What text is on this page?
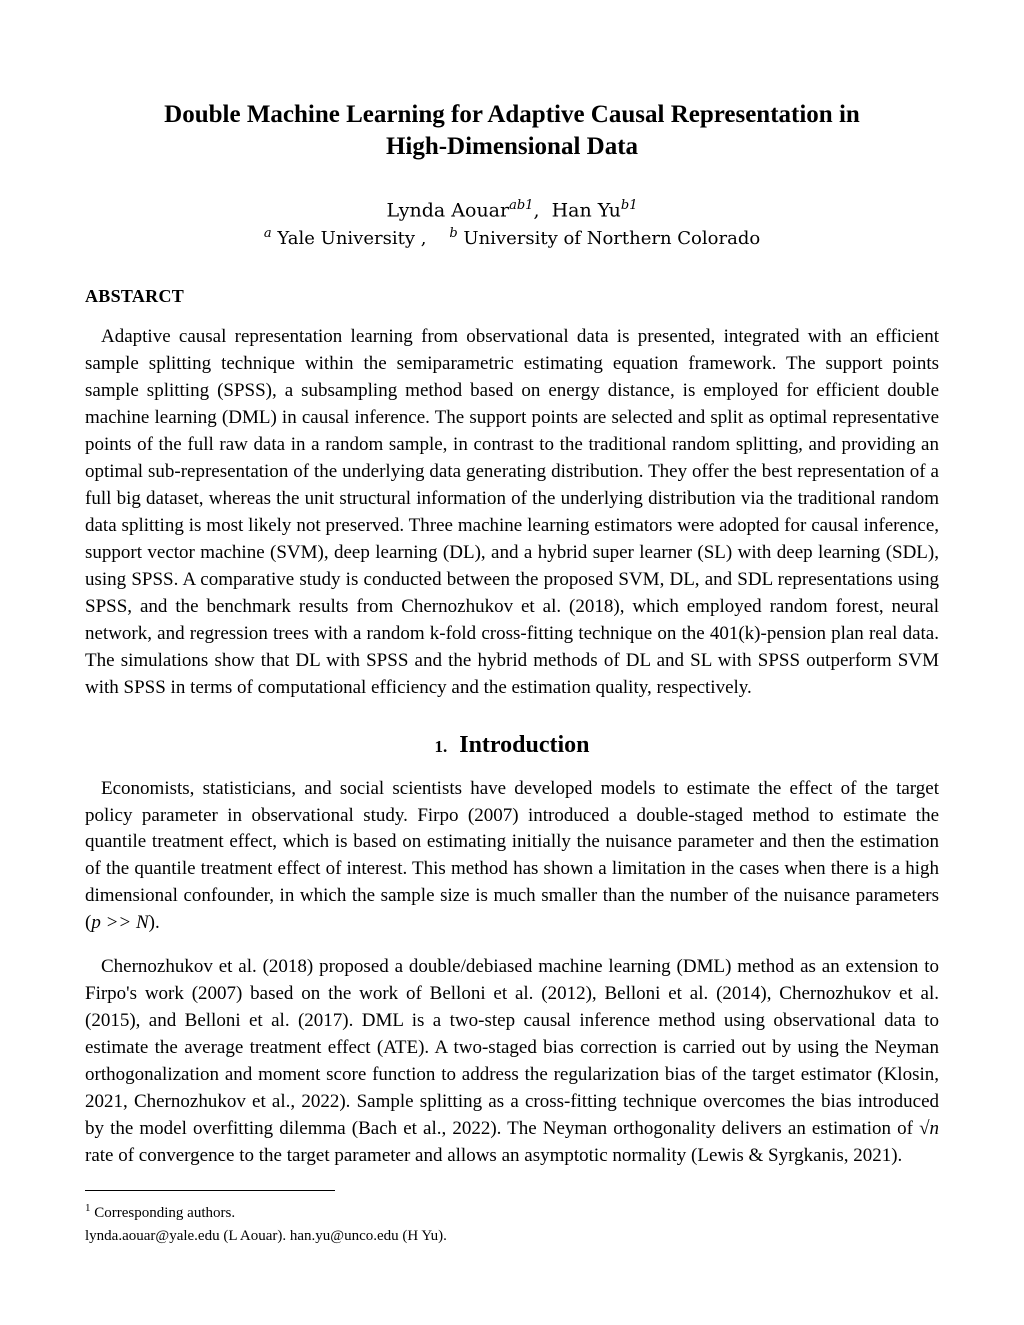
Double Machine Learning for Adaptive Causal Representation in High-Dimensional Data
Lynda Aouar$^{ab1}$, Han $Yu^{b1}$
$^a$ Yale University , $^b$ University of Northern Colorado
ABSTARCT

Adaptive causal representation learning from observational data is presented, integrated with an efficient sample splitting technique within the semiparametric estimating equation framework. The support points sample splitting (SPSS), a subsampling method based on energy distance, is employed for efficient double machine learning (DML) in causal inference. The support points are selected and split as optimal representative points of the full raw data in a random sample, in contrast to the traditional random splitting, and providing an optimal sub-representation of the underlying data generating distribution. They offer the best representation of a full big dataset, whereas the unit structural information of the underlying distribution via the traditional random data splitting is most likely not preserved. Three machine learning estimators were adopted for causal inference, support vector machine (SVM), deep learning (DL), and a hybrid super learner (SL) with deep learning (SDL), using SPSS. A comparative study is conducted between the proposed SVM, DL, and SDL representations using SPSS, and the benchmark results from Chernozhukov et al. (2018), which employed random forest, neural network, and regression trees with a random k-fold cross-fitting technique on the 401(k)-pension plan real data. The simulations show that DL with SPSS and the hybrid methods of DL and SL with SPSS outperform SVM with SPSS in terms of computational efficiency and the estimation quality, respectively.

1. Introduction

Economists, statisticians, and social scientists have developed models to estimate the effect of the target policy parameter in observational study. Firpo (2007) introduced a double-staged method to estimate the quantile treatment effect, which is based on estimating initially the nuisance parameter and then the estimation of the quantile treatment effect of interest. This method has shown a limitation in the cases when there is a high dimensional confounder, in which the sample size is much smaller than the number of the nuisance parameters (p >> N).

Chernozhukov et al. (2018) proposed a double/debiased machine learning (DML) method as an extension to Firpo's work (2007) based on the work of Belloni et al. (2012), Belloni et al. (2014), Chernozhukov et al. (2015), and Belloni et al. (2017). DML is a two-step causal inference method using observational data to estimate the average treatment effect (ATE). A two-staged bias correction is carried out by using the Neyman orthogonalization and moment score function to address the regularization bias of the target estimator (Klosin, 2021, Chernozhukov et al., 2022). Sample splitting as a cross-fitting technique overcomes the bias introduced by the model overfitting dilemma (Bach et al., 2022). The Neyman orthogonality delivers an estimation of √n rate of convergence to the target parameter and allows an asymptotic normality (Lewis & Syrgkanis, 2021).

$^1$ Corresponding authors.
lynda.aouar@yale.edu (L Aouar). han.yu@unco.edu (H Yu).
